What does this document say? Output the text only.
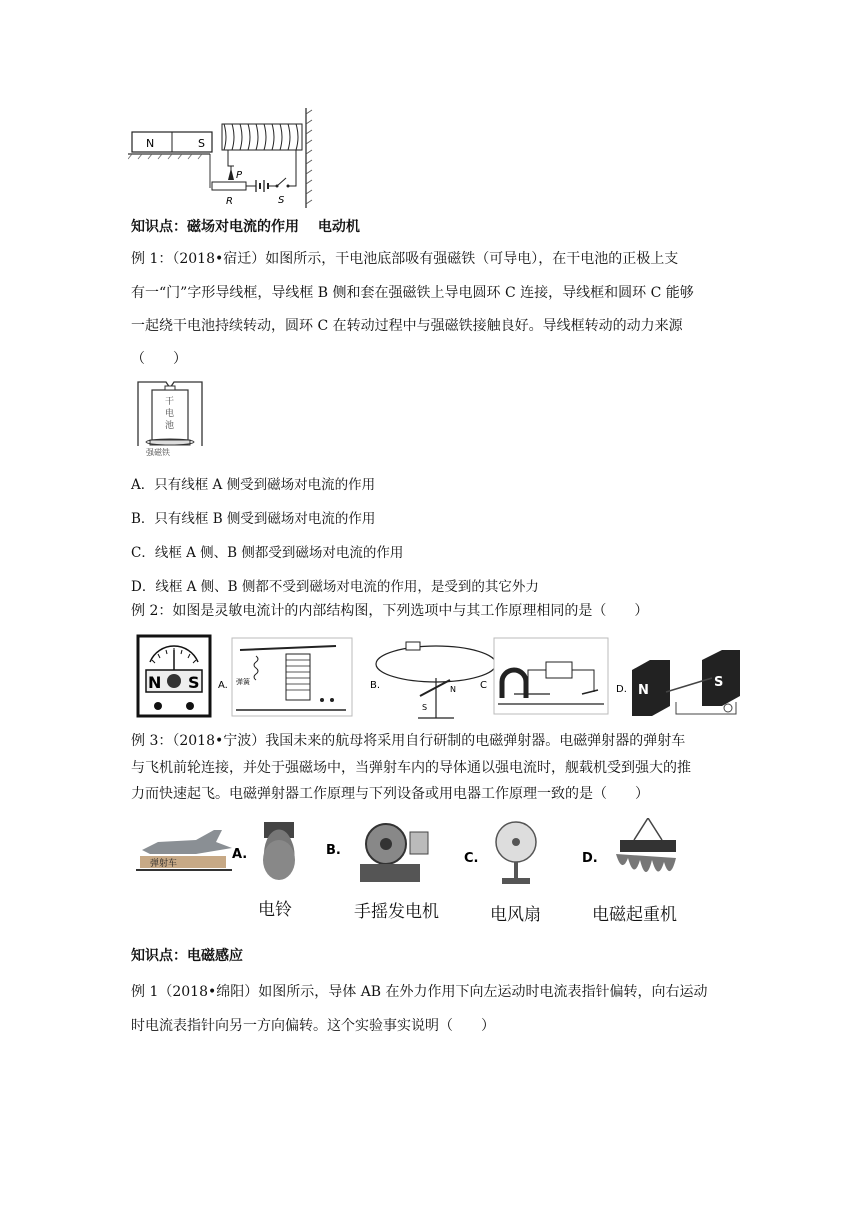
N	S
P
R	S
知识点：磁场对电流的作用　 电动机
例 1：（2018•宿迁）如图所示，干电池底部吸有强磁铁（可导电），在干电池的正极上支
有一“门”字形导线框，导线框 B 侧和套在强磁铁上导电圆环 C 连接，导线框和圆环 C 能够
一起绕干电池持续转动，圆环 C 在转动过程中与强磁铁接触良好。导线框转动的动力来源
（　　）
干
电
池
强磁铁
A．只有线框 A 侧受到磁场对电流的作用
B．只有线框 B 侧受到磁场对电流的作用
C．线框 A 侧、B 侧都受到磁场对电流的作用
D．线框 A 侧、B 侧都不受到磁场对电流的作用，是受到的其它外力
例 2：如图是灵敏电流计的内部结构图，下列选项中与其工作原理相同的是（　　）
N S A. 弹簧	B.	N
S
C	D. N
S
例 3：（2018•宁波）我国未来的航母将采用自行研制的电磁弹射器。电磁弹射器的弹射车
与飞机前轮连接，并处于强磁场中，当弹射车内的导体通以强电流时，舰载机受到强大的推
力而快速起飞。电磁弹射器工作原理与下列设备或用电器工作原理一致的是（　　）
弹射车
A.	B.
C.	D.
电铃	手摇发电机	电风扇	电磁起重机
知识点：电磁感应
例 1（2018•绵阳）如图所示，导体 AB 在外力作用下向左运动时电流表指针偏转，向右运动
时电流表指针向另一方向偏转。这个实验事实说明（　　）
